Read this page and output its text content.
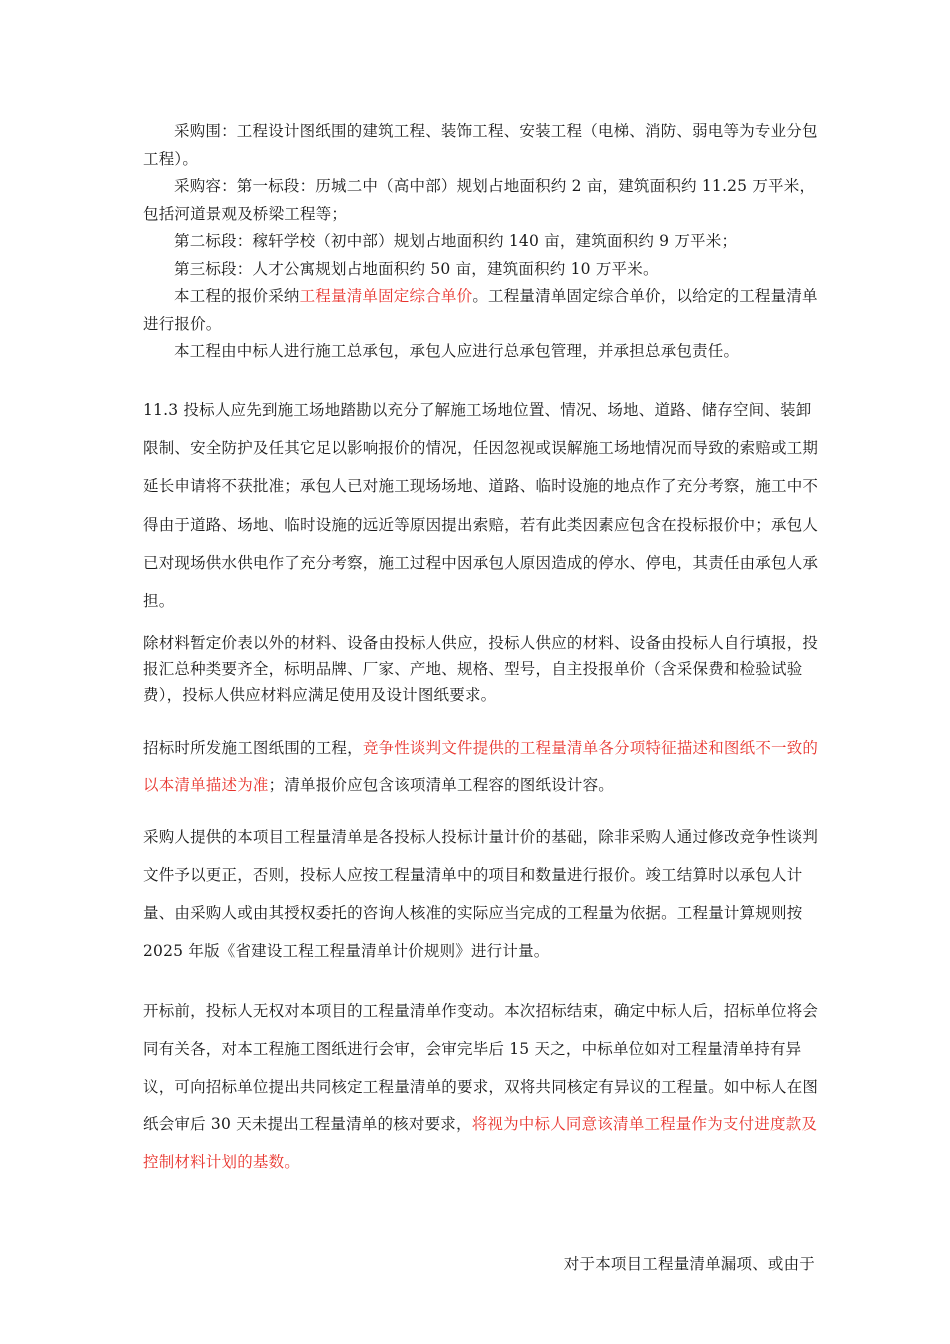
采购围：工程设计图纸围的建筑工程、装饰工程、安装工程（电梯、消防、弱电等为专业分包工程）。

采购容：第一标段：历城二中（高中部）规划占地面积约 2 亩，建筑面积约 11.25 万平米，包括河道景观及桥梁工程等；

第二标段：稼轩学校（初中部）规划占地面积约 140 亩，建筑面积约 9 万平米；

第三标段：人才公寓规划占地面积约 50 亩，建筑面积约 10 万平米。

本工程的报价采纳工程量清单固定综合单价。工程量清单固定综合单价，以给定的工程量清单进行报价。

本工程由中标人进行施工总承包，承包人应进行总承包管理，并承担总承包责任。

11.3 投标人应先到施工场地踏勘以充分了解施工场地位置、情况、场地、道路、储存空间、装卸限制、安全防护及任其它足以影响报价的情况，任因忽视或误解施工场地情况而导致的索赔或工期延长申请将不获批准；承包人已对施工现场场地、道路、临时设施的地点作了充分考察，施工中不得由于道路、场地、临时设施的远近等原因提出索赔，若有此类因素应包含在投标报价中；承包人已对现场供水供电作了充分考察，施工过程中因承包人原因造成的停水、停电，其责任由承包人承担。

除材料暂定价表以外的材料、设备由投标人供应，投标人供应的材料、设备由投标人自行填报，投报汇总种类要齐全，标明品牌、厂家、产地、规格、型号，自主投报单价（含采保费和检验试验费），投标人供应材料应满足使用及设计图纸要求。

招标时所发施工图纸围的工程，竞争性谈判文件提供的工程量清单各分项特征描述和图纸不一致的以本清单描述为准；清单报价应包含该项清单工程容的图纸设计容。

采购人提供的本项目工程量清单是各投标人投标计量计价的基础，除非采购人通过修改竞争性谈判文件予以更正，否则，投标人应按工程量清单中的项目和数量进行报价。竣工结算时以承包人计量、由采购人或由其授权委托的咨询人核准的实际应当完成的工程量为依据。工程量计算规则按 2025 年版《省建设工程工程量清单计价规则》进行计量。

开标前，投标人无权对本项目的工程量清单作变动。本次招标结束，确定中标人后，招标单位将会同有关各，对本工程施工图纸进行会审，会审完毕后 15 天之，中标单位如对工程量清单持有异议，可向招标单位提出共同核定工程量清单的要求，双将共同核定有异议的工程量。如中标人在图纸会审后 30 天未提出工程量清单的核对要求，将视为中标人同意该清单工程量作为支付进度款及控制材料计划的基数。

对于本项目工程量清单漏项、或由于
